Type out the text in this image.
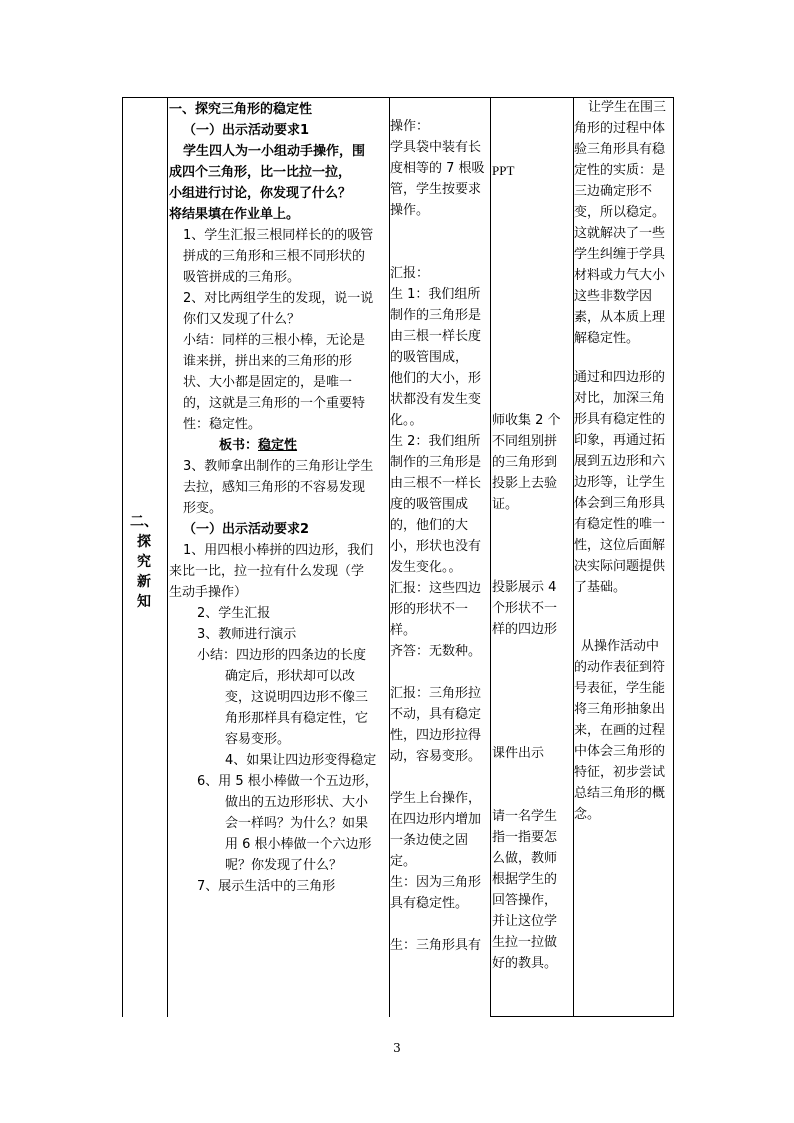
二、
探
究
新
知
一、探究三角形的稳定性
（一）出示活动要求1
学生四人为一小组动手操作，围
成四个三角形，比一比拉一拉，
小组进行讨论，你发现了什么？
将结果填在作业单上。
1、学生汇报三根同样长的的吸管
拼成的三角形和三根不同形状的
吸管拼成的三角形。
2、对比两组学生的发现，说一说
你们又发现了什么？
小结：同样的三根小棒，无论是
谁来拼，拼出来的三角形的形
状、大小都是固定的，是唯一
的，这就是三角形的一个重要特
性：稳定性。
板书：稳定性
3、教师拿出制作的三角形让学生
去拉，感知三角形的不容易发现
形变。
（一）出示活动要求2
1、用四根小棒拼的四边形，我们
来比一比，拉一拉有什么发现（学
生动手操作）
2、学生汇报
3、教师进行演示
小结：四边形的四条边的长度
确定后，形状却可以改
变，这说明四边形不像三
角形那样具有稳定性，它
容易变形。
4、如果让四边形变得稳定
6、用 5 根小棒做一个五边形，
做出的五边形形状、大小
会一样吗？为什么？如果
用 6 根小棒做一个六边形
呢？你发现了什么？
7、展示生活中的三角形
操作：
学具袋中装有长
度相等的 7 根吸
管，学生按要求
操作。
汇报：
生 1：我们组所
制作的三角形是
由三根一样长度
的吸管围成，
他们的大小，形
状都没有发生变
化。。
生 2：我们组所
制作的三角形是
由三根不一样长
度的吸管围成
的，他们的大
小，形状也没有
发生变化。。
汇报：这些四边
形的形状不一
样。
齐答：无数种。
汇报：三角形拉
不动，具有稳定
性，四边形拉得
动，容易变形。
学生上台操作，
在四边形内增加
一条边使之固
定。
生：因为三角形
具有稳定性。
生：三角形具有
PPT
师收集 2 个
不同组别拼
的三角形到
投影上去验
证。
投影展示 4
个形状不一
样的四边形
课件出示
请一名学生
指一指要怎
么做，教师
根据学生的
回答操作，
并让这位学
生拉一拉做
好的教具。
让学生在围三
角形的过程中体
验三角形具有稳
定性的实质：是
三边确定形不
变，所以稳定。
这就解决了一些
学生纠缠于学具
材料或力气大小
这些非数学因
素，从本质上理
解稳定性。
通过和四边形的
对比，加深三角
形具有稳定性的
印象，再通过拓
展到五边形和六
边形等，让学生
体会到三角形具
有稳定性的唯一
性，这位后面解
决实际问题提供
了基础。
从操作活动中
的动作表征到符
号表征，学生能
将三角形抽象出
来，在画的过程
中体会三角形的
特征，初步尝试
总结三角形的概
念。
3
